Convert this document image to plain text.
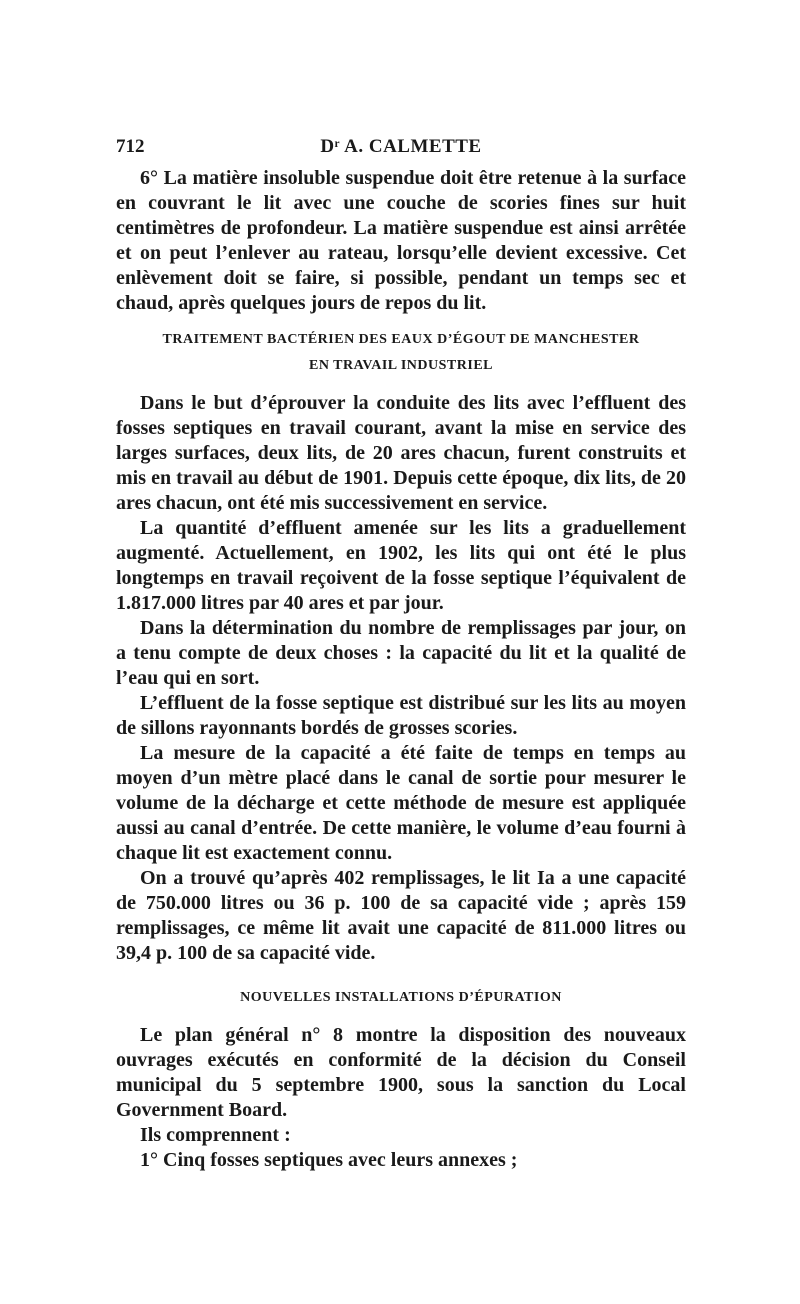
712	Dʳ A. CALMETTE

6° La matière insoluble suspendue doit être retenue à la surface en couvrant le lit avec une couche de scories fines sur huit centimètres de profondeur. La matière suspendue est ainsi arrêtée et on peut l’enlever au rateau, lorsqu’elle devient excessive. Cet enlèvement doit se faire, si possible, pendant un temps sec et chaud, après quelques jours de repos du lit.

TRAITEMENT BACTÉRIEN DES EAUX D’ÉGOUT DE MANCHESTER
EN TRAVAIL INDUSTRIEL

Dans le but d’éprouver la conduite des lits avec l’effluent des fosses septiques en travail courant, avant la mise en service des larges surfaces, deux lits, de 20 ares chacun, furent construits et mis en travail au début de 1901. Depuis cette époque, dix lits, de 20 ares chacun, ont été mis successivement en service.

La quantité d’effluent amenée sur les lits a graduellement augmenté. Actuellement, en 1902, les lits qui ont été le plus longtemps en travail reçoivent de la fosse septique l’équivalent de 1.817.000 litres par 40 ares et par jour.

Dans la détermination du nombre de remplissages par jour, on a tenu compte de deux choses : la capacité du lit et la qualité de l’eau qui en sort.

L’effluent de la fosse septique est distribué sur les lits au moyen de sillons rayonnants bordés de grosses scories.

La mesure de la capacité a été faite de temps en temps au moyen d’un mètre placé dans le canal de sortie pour mesurer le volume de la décharge et cette méthode de mesure est appliquée aussi au canal d’entrée. De cette manière, le volume d’eau fourni à chaque lit est exactement connu.

On a trouvé qu’après 402 remplissages, le lit Ia a une capacité de 750.000 litres ou 36 p. 100 de sa capacité vide ; après 159 remplissages, ce même lit avait une capacité de 811.000 litres ou 39,4 p. 100 de sa capacité vide.

NOUVELLES INSTALLATIONS D’ÉPURATION

Le plan général n° 8 montre la disposition des nouveaux ouvrages exécutés en conformité de la décision du Conseil municipal du 5 septembre 1900, sous la sanction du Local Government Board.

Ils comprennent :

1° Cinq fosses septiques avec leurs annexes ;
